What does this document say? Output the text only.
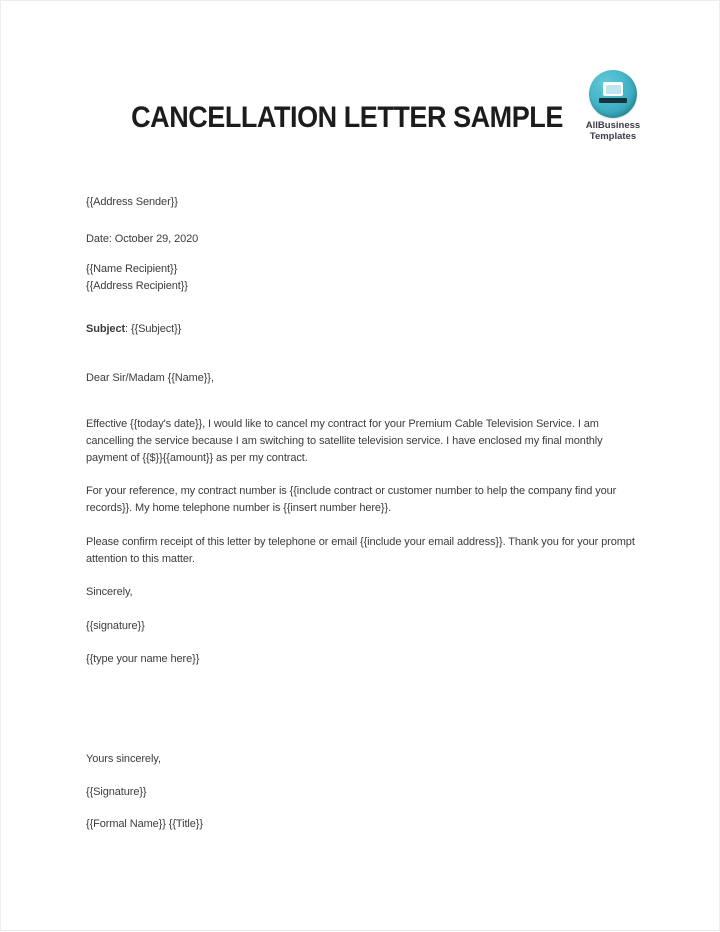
CANCELLATION LETTER SAMPLE	AllBusiness
Templates

{{Address Sender}}

Date: October 29, 2020

{{Name Recipient}}
{{Address Recipient}}

Subject: {{Subject}}

Dear Sir/Madam {{Name}},

Effective {{today's date}}, I would like to cancel my contract for your Premium Cable Television Service. I am cancelling the service because I am switching to satellite television service. I have enclosed my final monthly payment of {{$}}{{amount}} as per my contract.

For your reference, my contract number is {{include contract or customer number to help the company find your records}}. My home telephone number is {{insert number here}}.

Please confirm receipt of this letter by telephone or email {{include your email address}}. Thank you for your prompt attention to this matter.

Sincerely,

{{signature}}

{{type your name here}}

Yours sincerely,

{{Signature}}

{{Formal Name}} {{Title}}
